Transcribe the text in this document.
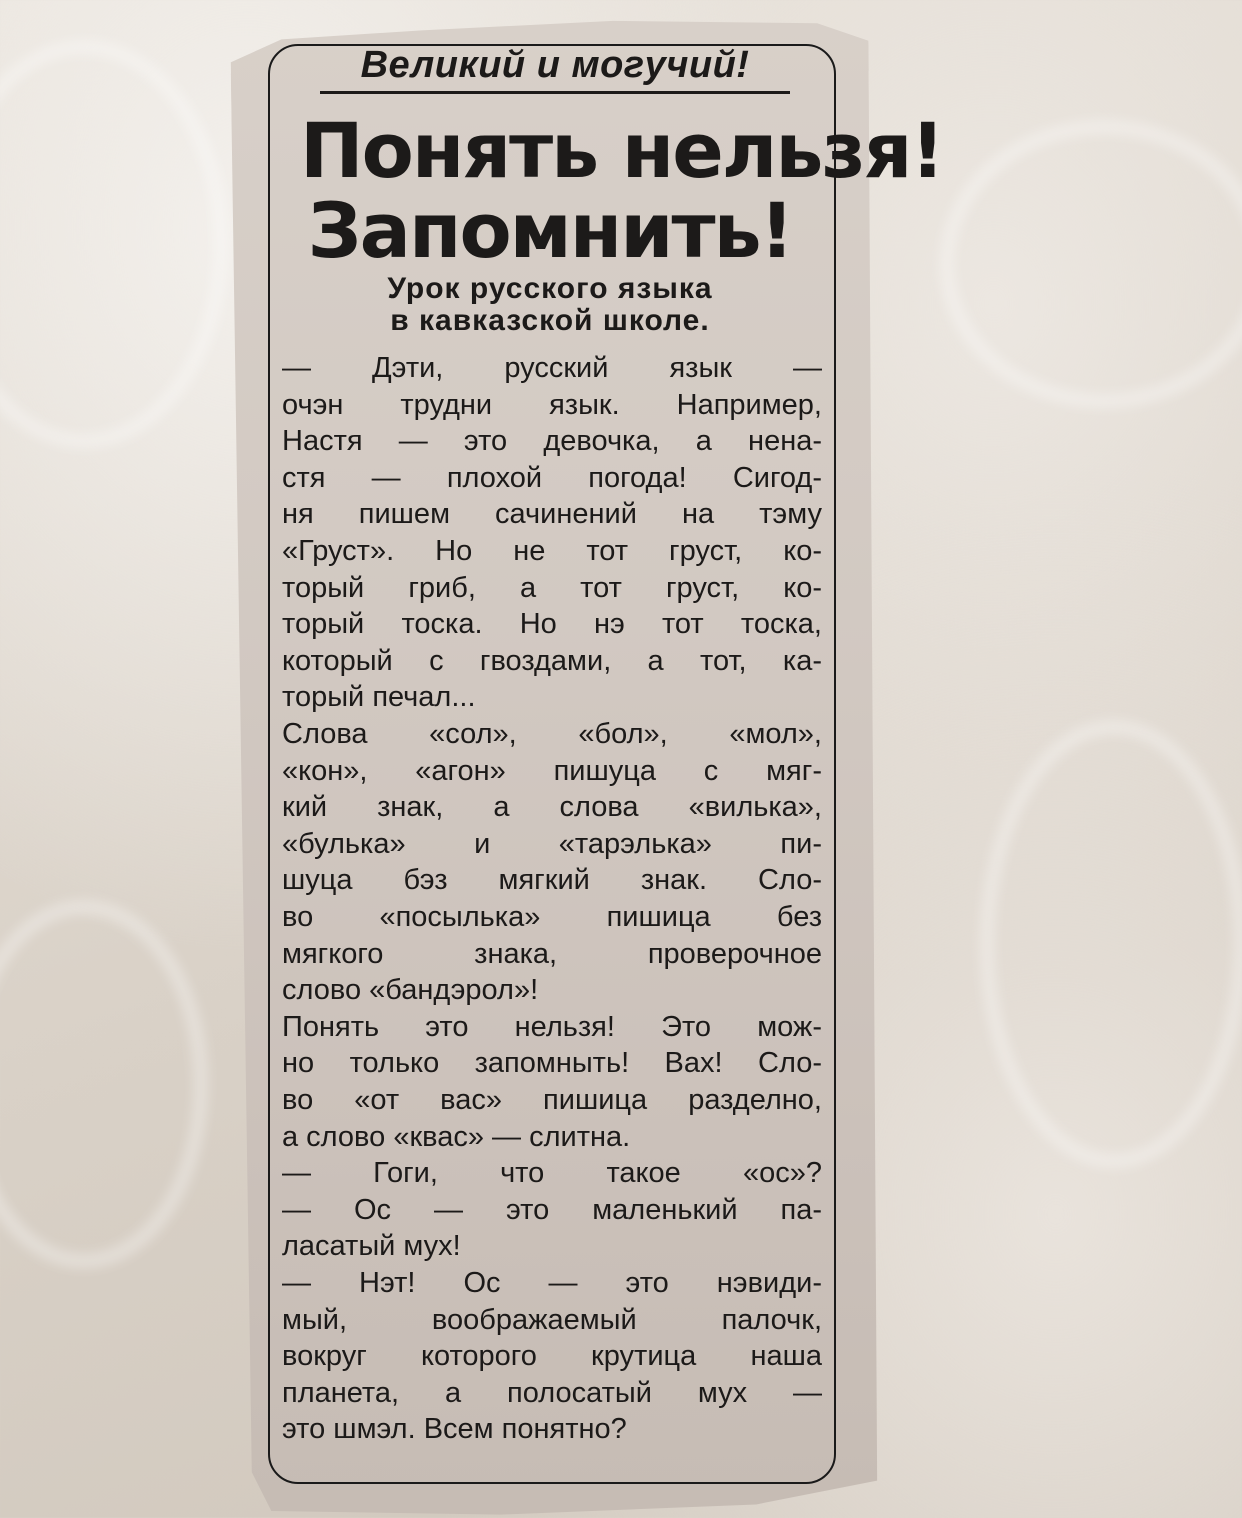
Великий и могучий!
Понять нельзя!
Запомнить!
Урок русского языка
в кавказской школе.
— Дэти, русский язык —
очэн трудни язык. Например,
Настя — это девочка, а нена-
стя — плохой погода! Сигод-
ня пишем сачинений на тэму
«Груст». Но не тот груст, ко-
торый гриб, а тот груст, ко-
торый тоска. Но нэ тот тоска,
который с гвоздами, а тот, ка-
торый печал...
Слова «сол», «бол», «мол»,
«кон», «агон» пишуца с мяг-
кий знак, а слова «вилька»,
«булька» и «тарэлька» пи-
шуца бэз мягкий знак. Сло-
во «посылька» пишица без
мягкого знака, проверочное
слово «бандэрол»!
Понять это нельзя! Это мож-
но только запомныть! Вах! Сло-
во «от вас» пишица разделно,
а слово «квас» — слитна.
— Гоги, что такое «ос»?
— Ос — это маленький па-
ласатый мух!
— Нэт! Ос — это нэвиди-
мый, воображаемый палочк,
вокруг которого крутица наша
планета, а полосатый мух —
это шмэл. Всем понятно?
